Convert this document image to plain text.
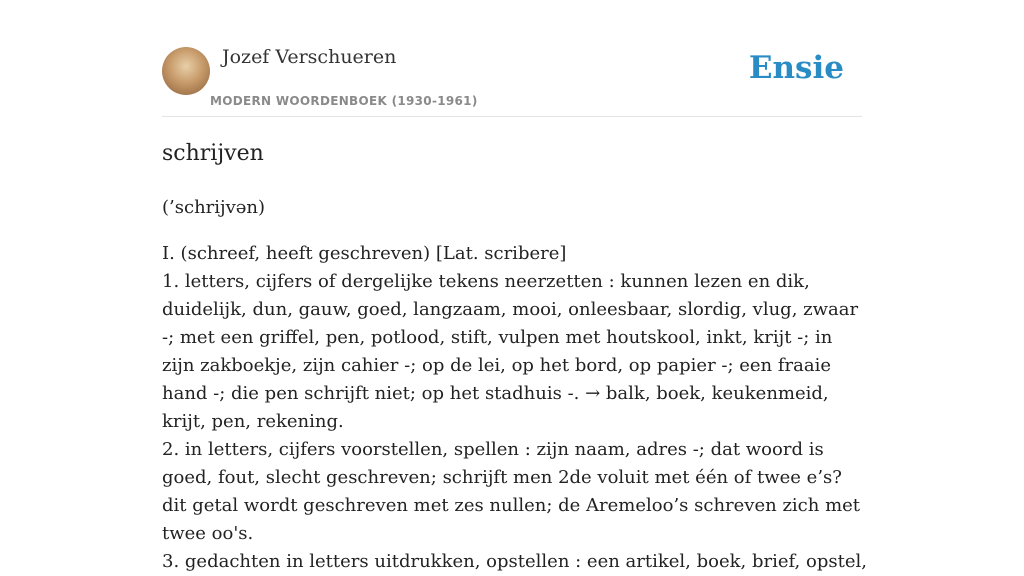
Jozef Verschueren
MODERN WOORDENBOEK (1930-1961)
Ensie
schrijven

(’schrijvən)

I. (schreef, heeft geschreven) [Lat. scribere]
1. letters, cijfers of dergelijke tekens neerzetten : kunnen lezen en dik, duidelijk, dun, gauw, goed, langzaam, mooi, onleesbaar, slordig, vlug, zwaar -; met een griffel, pen, potlood, stift, vulpen met houtskool, inkt, krijt -; in zijn zakboekje, zijn cahier -; op de lei, op het bord, op papier -; een fraaie hand -; die pen schrijft niet; op het stadhuis -. → balk, boek, keukenmeid, krijt, pen, rekening.
2. in letters, cijfers voorstellen, spellen : zijn naam, adres -; dat woord is goed, fout, slecht geschreven; schrijft men 2de voluit met één of twee e’s? dit getal wordt geschreven met zes nullen; de Aremeloo’s schreven zich met twee oo's.
3. gedachten in letters uitdrukken, opstellen : een artikel, boek, brief, opstel,
